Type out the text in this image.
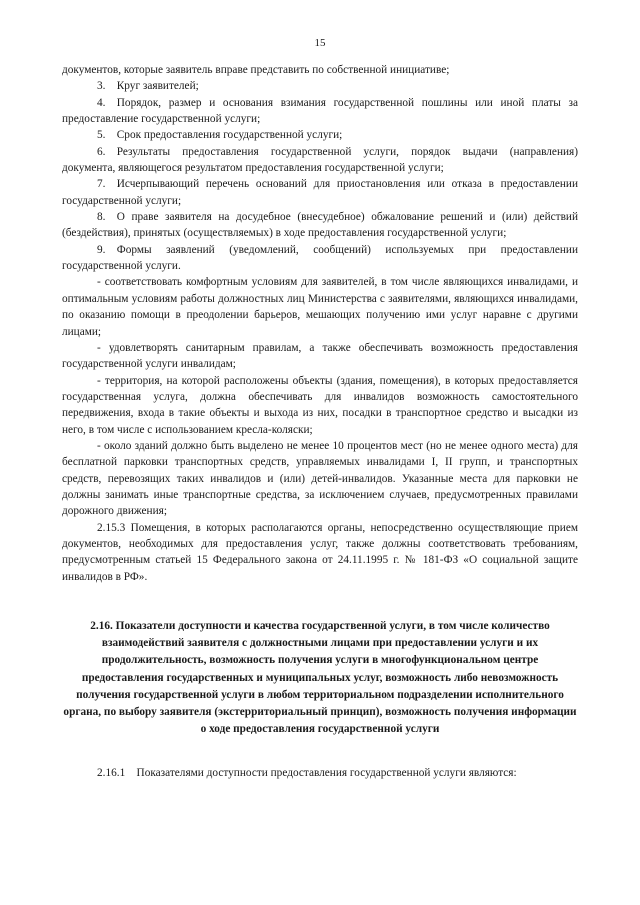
15
документов, которые заявитель вправе представить по собственной инициативе;
3. Круг заявителей;
4. Порядок, размер и основания взимания государственной пошлины или иной платы за предоставление государственной услуги;
5. Срок предоставления государственной услуги;
6. Результаты предоставления государственной услуги, порядок выдачи (направления) документа, являющегося результатом предоставления государственной услуги;
7. Исчерпывающий перечень оснований для приостановления или отказа в предоставлении государственной услуги;
8. О праве заявителя на досудебное (внесудебное) обжалование решений и (или) действий (бездействия), принятых (осуществляемых) в ходе предоставления государственной услуги;
9. Формы заявлений (уведомлений, сообщений) используемых при предоставлении государственной услуги.
- соответствовать комфортным условиям для заявителей, в том числе являющихся инвалидами, и оптимальным условиям работы должностных лиц Министерства с заявителями, являющихся инвалидами, по оказанию помощи в преодолении барьеров, мешающих получению ими услуг наравне с другими лицами;
- удовлетворять санитарным правилам, а также обеспечивать возможность предоставления государственной услуги инвалидам;
- территория, на которой расположены объекты (здания, помещения), в которых предоставляется государственная услуга, должна обеспечивать для инвалидов возможность самостоятельного передвижения, входа в такие объекты и выхода из них, посадки в транспортное средство и высадки из него, в том числе с использованием кресла-коляски;
- около зданий должно быть выделено не менее 10 процентов мест (но не менее одного места) для бесплатной парковки транспортных средств, управляемых инвалидами I, II групп, и транспортных средств, перевозящих таких инвалидов и (или) детей-инвалидов. Указанные места для парковки не должны занимать иные транспортные средства, за исключением случаев, предусмотренных правилами дорожного движения;
2.15.3 Помещения, в которых располагаются органы, непосредственно осуществляющие прием документов, необходимых для предоставления услуг, также должны соответствовать требованиям, предусмотренным статьей 15 Федерального закона от 24.11.1995 г. № 181-ФЗ «О социальной защите инвалидов в РФ».
2.16. Показатели доступности и качества государственной услуги, в том числе количество взаимодействий заявителя с должностными лицами при предоставлении услуги и их продолжительность, возможность получения услуги в многофункциональном центре предоставления государственных и муниципальных услуг, возможность либо невозможность получения государственной услуги в любом территориальном подразделении исполнительного органа, по выбору заявителя (экстерриториальный принцип), возможность получения информации о ходе предоставления государственной услуги
2.16.1 Показателями доступности предоставления государственной услуги являются:
